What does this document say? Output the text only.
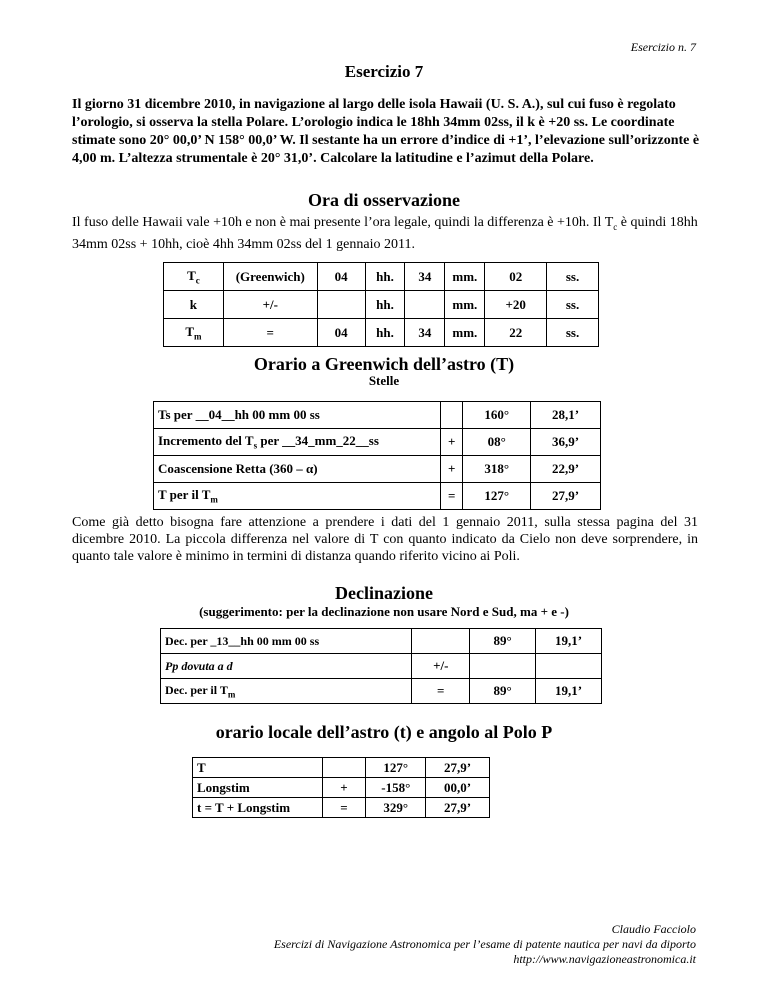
Esercizio n. 7
Esercizio 7
Il giorno 31 dicembre 2010, in navigazione al largo delle isola Hawaii (U. S. A.), sul cui fuso è regolato l’orologio, si osserva la stella Polare. L’orologio indica le 18hh 34mm 02ss, il k è +20 ss. Le coordinate stimate sono 20° 00,0’ N 158° 00,0’ W. Il sestante ha un errore d’indice di +1’, l’elevazione sull’orizzonte è 4,00 m. L’altezza strumentale è 20° 31,0’. Calcolare la latitudine e l’azimut della Polare.
Ora di osservazione
Il fuso delle Hawaii vale +10h e non è mai presente l’ora legale, quindi la differenza è +10h. Il $T_c$ è quindi 18hh 34mm 02ss + 10hh, cioè 4hh 34mm 02ss del 1 gennaio 2011.
$T_c$	(Greenwich)	04	hh.	34	mm.	02	ss.
k	+/-		hh.		mm.	+20	ss.
$T_m$	=	04	hh.	34	mm.	22	ss.
Orario a Greenwich dell’astro (T)
Stelle
Ts per __04__hh 00 mm 00 ss		160°	28,1’
Incremento del $T_s$ per __34_mm_22__ss	+	08°	36,9’
Coascensione Retta (360 – α)	+	318°	22,9’
T per il $T_m$	=	127°	27,9’
Come già detto bisogna fare attenzione a prendere i dati del 1 gennaio 2011, sulla stessa pagina del 31 dicembre 2010. La piccola differenza nel valore di T con quanto indicato da Cielo non deve sorprendere, in quanto tale valore è minimo in termini di distanza quando riferito vicino ai Poli.
Declinazione
(suggerimento: per la declinazione non usare Nord e Sud, ma + e -)
Dec. per _13__hh 00 mm 00 ss		89°	19,1’
Pp dovuta a d	+/-		
Dec. per il $T_m$	=	89°	19,1’
orario locale dell’astro (t) e angolo al Polo P
T		127°	27,9’
Longstim	+	-158°	00,0’
t = T + Longstim	=	329°	27,9’
Claudio Facciolo
Esercizi di Navigazione Astronomica per l’esame di patente nautica per navi da diporto
http://www.navigazioneastronomica.it
